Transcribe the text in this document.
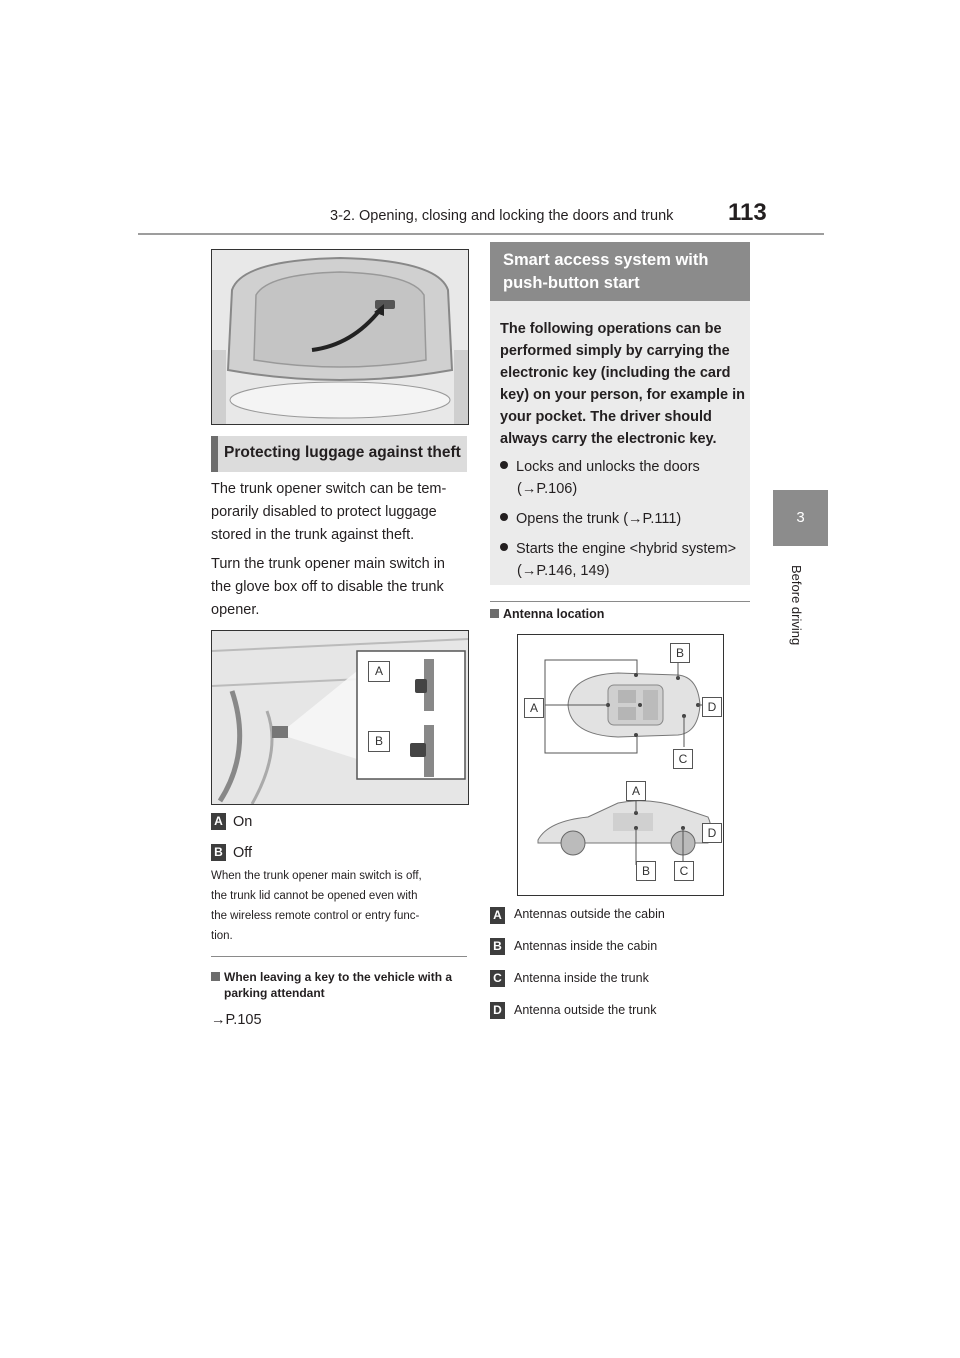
3-2. Opening, closing and locking the doors and trunk 113
3
Before driving
Protecting luggage against theft
The trunk opener switch can be tem-
porarily disabled to protect luggage
stored in the trunk against theft.
Turn the trunk opener main switch in
the glove box off to disable the trunk
opener.
A
B
A On
B Off
When the trunk opener main switch is off,
the trunk lid cannot be opened even with
the wireless remote control or entry func-
tion.
When leaving a key to the vehicle with a
parking attendant
→P.105
Smart access system with
push-button start
The following operations can be
performed simply by carrying the
electronic key (including the card
key) on your person, for example in
your pocket. The driver should
always carry the electronic key.
Locks and unlocks the doors
(→P.106)
Opens the trunk (→P.111)
Starts the engine <hybrid system>
(→P.146, 149)
Antenna location
A
B
C
D
A
B	C
D
A Antennas outside the cabin
B Antennas inside the cabin
C Antenna inside the trunk
D Antenna outside the trunk
